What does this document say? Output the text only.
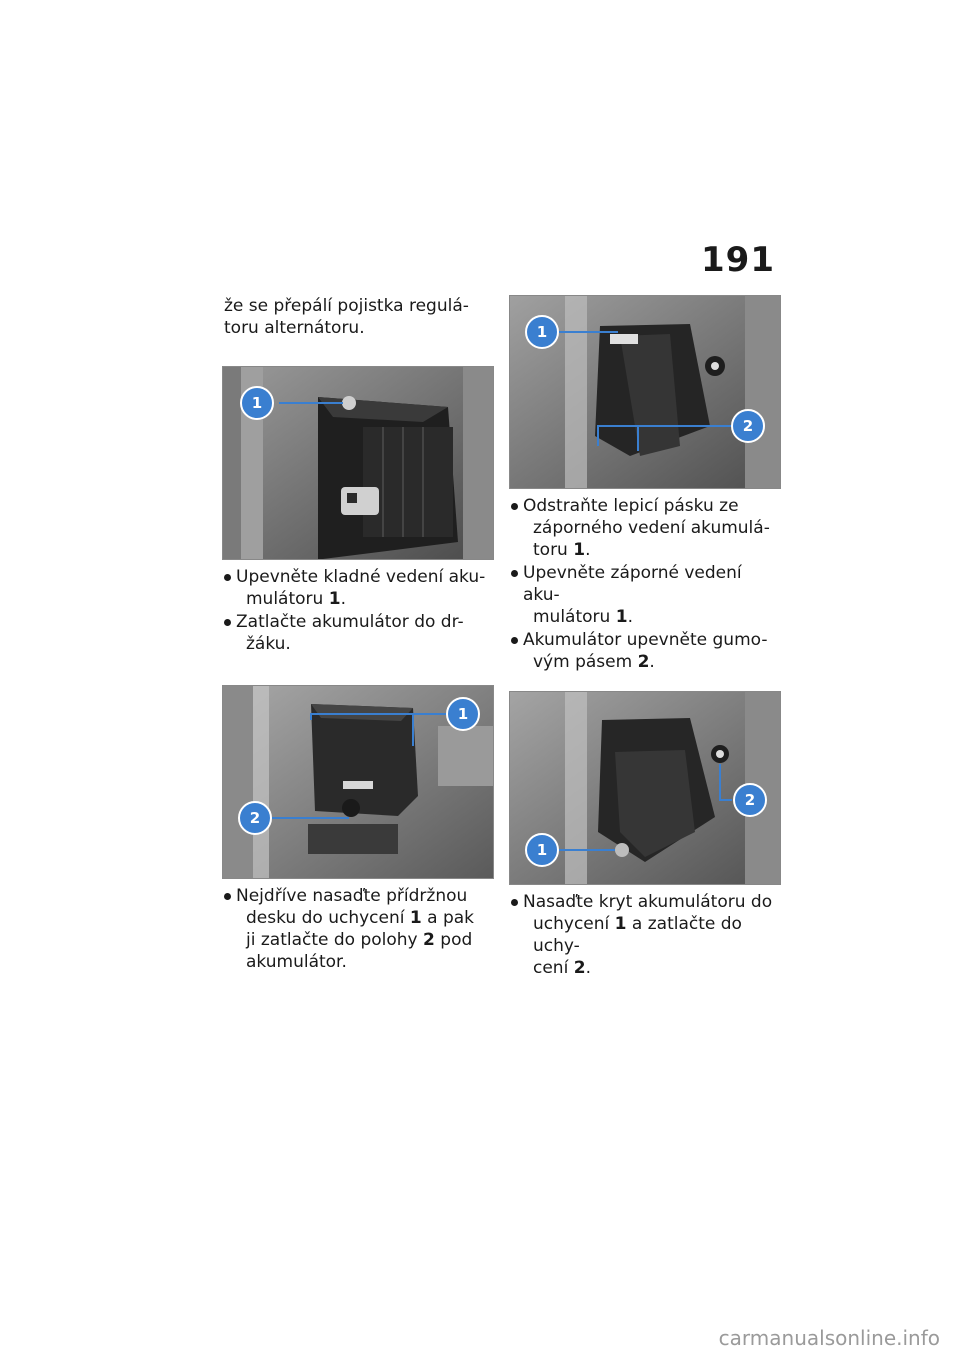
191

že se přepálí pojistka regulá-
toru alternátoru.

1
Upevněte kladné vedení aku-
mulátoru 1.
Zatlačte akumulátor do dr-
žáku.
1
2
Nejdříve nasaďte přídržnou
desku do uchycení 1 a pak
ji zatlačte do polohy 2 pod
akumulátor.
1
2
Odstraňte lepicí pásku ze
záporného vedení akumulá-
toru 1.
Upevněte záporné vedení aku-
mulátoru 1.
Akumulátor upevněte gumo-
vým pásem 2.
2
1
Nasaďte kryt akumulátoru do
uchycení 1 a zatlačte do uchy-
cení 2.
carmanualsonline.info
